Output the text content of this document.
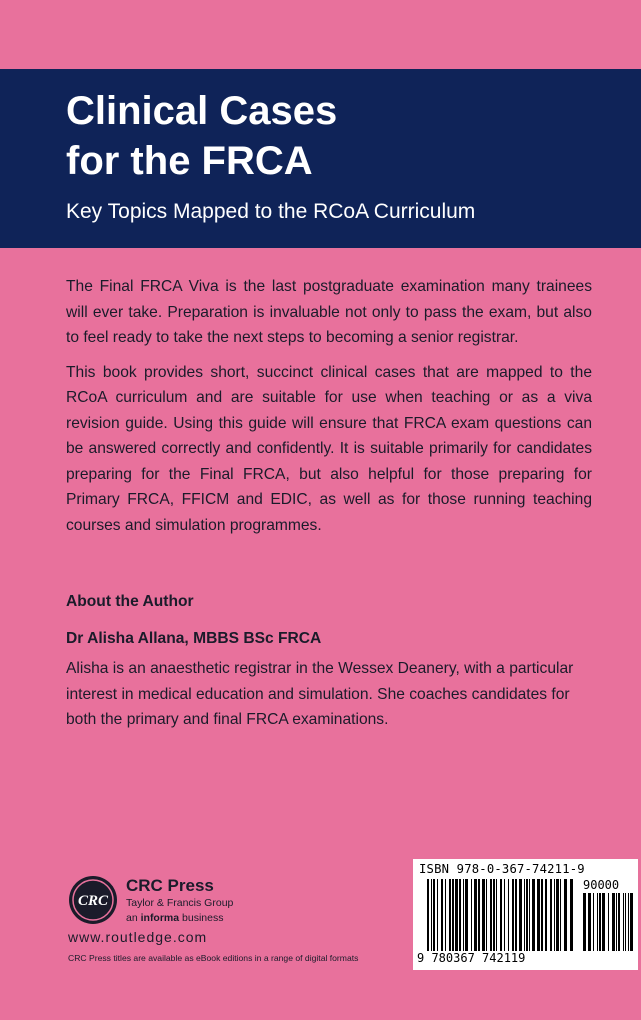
Clinical Cases
for the FRCA
Key Topics Mapped to the RCoA Curriculum

The Final FRCA Viva is the last postgraduate examination many trainees will ever take. Preparation is invaluable not only to pass the exam, but also to feel ready to take the next steps to becoming a senior registrar.

This book provides short, succinct clinical cases that are mapped to the RCoA curriculum and are suitable for use when teaching or as a viva revision guide. Using this guide will ensure that FRCA exam questions can be answered correctly and confidently. It is suitable primarily for candidates preparing for the Final FRCA, but also helpful for those preparing for Primary FRCA, FFICM and EDIC, as well as for those running teaching courses and simulation programmes.

About the Author
Dr Alisha Allana, MBBS BSc FRCA
Alisha is an anaesthetic registrar in the Wessex Deanery, with a particular interest in medical education and simulation. She coaches candidates for both the primary and final FRCA examinations.
CRC
CRC Press
Taylor & Francis Group
an informa business
www.routledge.com
CRC Press titles are available as eBook editions in a range of digital formats
ISBN 978-0-367-74211-9
90000
9 780367 742119
